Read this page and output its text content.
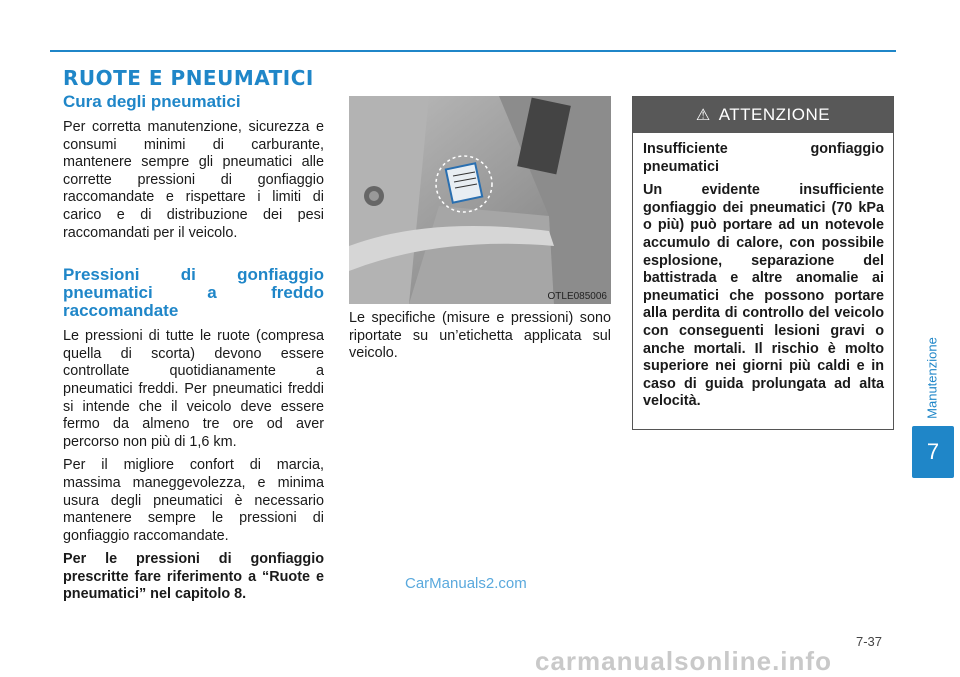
RUOTE E PNEUMATICI
Cura degli pneumatici

Per corretta manutenzione, sicurezza e consumi minimi di carburante, mantenere sempre gli pneumatici alle corrette pressioni di gonfiaggio raccomandate e rispettare i limiti di carico e di distribuzione dei pesi raccomandati per il veicolo.

Pressioni di gonfiaggio pneumatici a freddo raccomandate

Le pressioni di tutte le ruote (compresa quella di scorta) devono essere controllate quotidianamente a pneumatici freddi. Per pneumatici freddi si intende che il veicolo deve essere fermo da almeno tre ore od aver percorso non più di 1,6 km.

Per il migliore confort di marcia, massima maneggevolezza, e minima usura degli pneumatici è necessario mantenere sempre le pressioni di gonfiaggio raccomandate.

Per le pressioni di gonfiaggio prescritte fare riferimento a “Ruote e pneumatici” nel capitolo 8.

OTLE085006

Le specifiche (misure e pressioni) sono riportate su un’etichetta applicata sul veicolo.

⚠ ATTENZIONE

Insufficiente gonfiaggio pneumatici

Un evidente insufficiente gonfiaggio dei pneumatici (70 kPa o più) può portare ad un notevole accumulo di calore, con possibile esplosione, separazione del battistrada e altre anomalie ai pneumatici che possono portare alla perdita di controllo del veicolo con conseguenti lesioni gravi o anche mortali. Il rischio è molto superiore nei giorni più caldi e in caso di guida prolungata ad alta velocità.	Manutenzione
7
CarManuals2.com
7-37
carmanualsonline.info
